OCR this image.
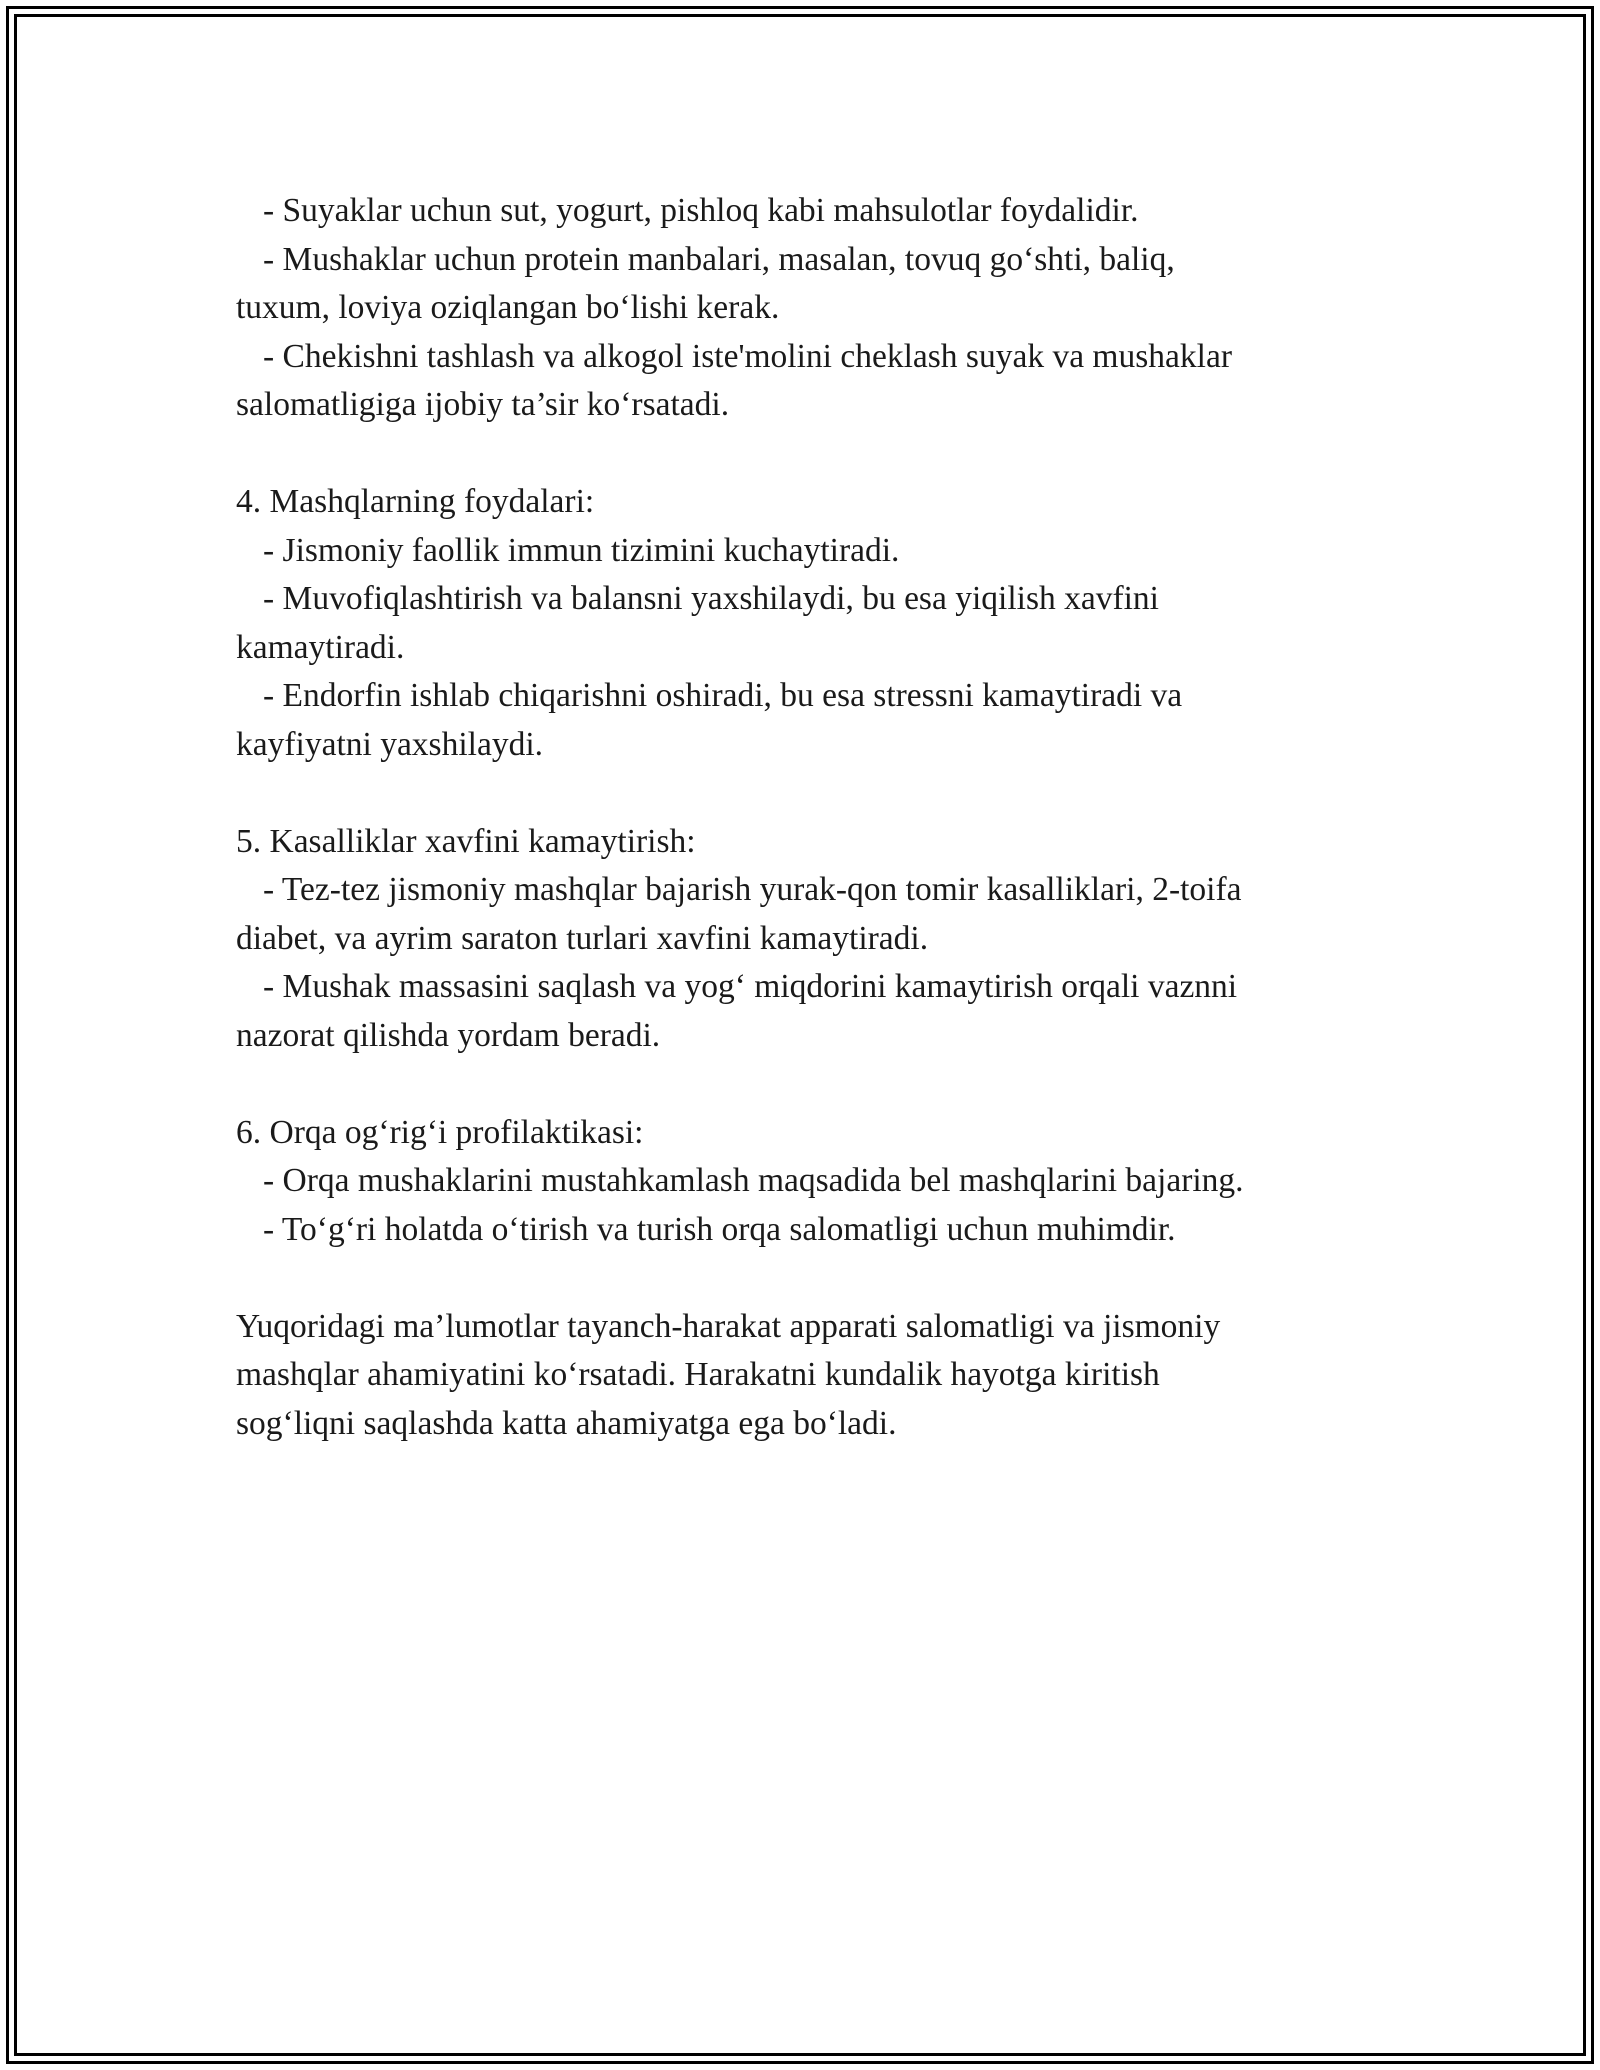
- Suyaklar uchun sut, yogurt, pishloq kabi mahsulotlar foydalidir.

- Mushaklar uchun protein manbalari, masalan, tovuq go‘shti, baliq,

tuxum, loviya oziqlangan bo‘lishi kerak.

- Chekishni tashlash va alkogol iste'molini cheklash suyak va mushaklar

salomatligiga ijobiy ta’sir ko‘rsatadi.

4. Mashqlarning foydalari:

- Jismoniy faollik immun tizimini kuchaytiradi.

- Muvofiqlashtirish va balansni yaxshilaydi, bu esa yiqilish xavfini

kamaytiradi.

- Endorfin ishlab chiqarishni oshiradi, bu esa stressni kamaytiradi va

kayfiyatni yaxshilaydi.

5. Kasalliklar xavfini kamaytirish:

- Tez-tez jismoniy mashqlar bajarish yurak-qon tomir kasalliklari, 2-toifa

diabet, va ayrim saraton turlari xavfini kamaytiradi.

- Mushak massasini saqlash va yog‘ miqdorini kamaytirish orqali vaznni

nazorat qilishda yordam beradi.

6. Orqa og‘rig‘i profilaktikasi:

- Orqa mushaklarini mustahkamlash maqsadida bel mashqlarini bajaring.

- To‘g‘ri holatda o‘tirish va turish orqa salomatligi uchun muhimdir.

Yuqoridagi ma’lumotlar tayanch-harakat apparati salomatligi va jismoniy

mashqlar ahamiyatini ko‘rsatadi. Harakatni kundalik hayotga kiritish

sog‘liqni saqlashda katta ahamiyatga ega bo‘ladi.
